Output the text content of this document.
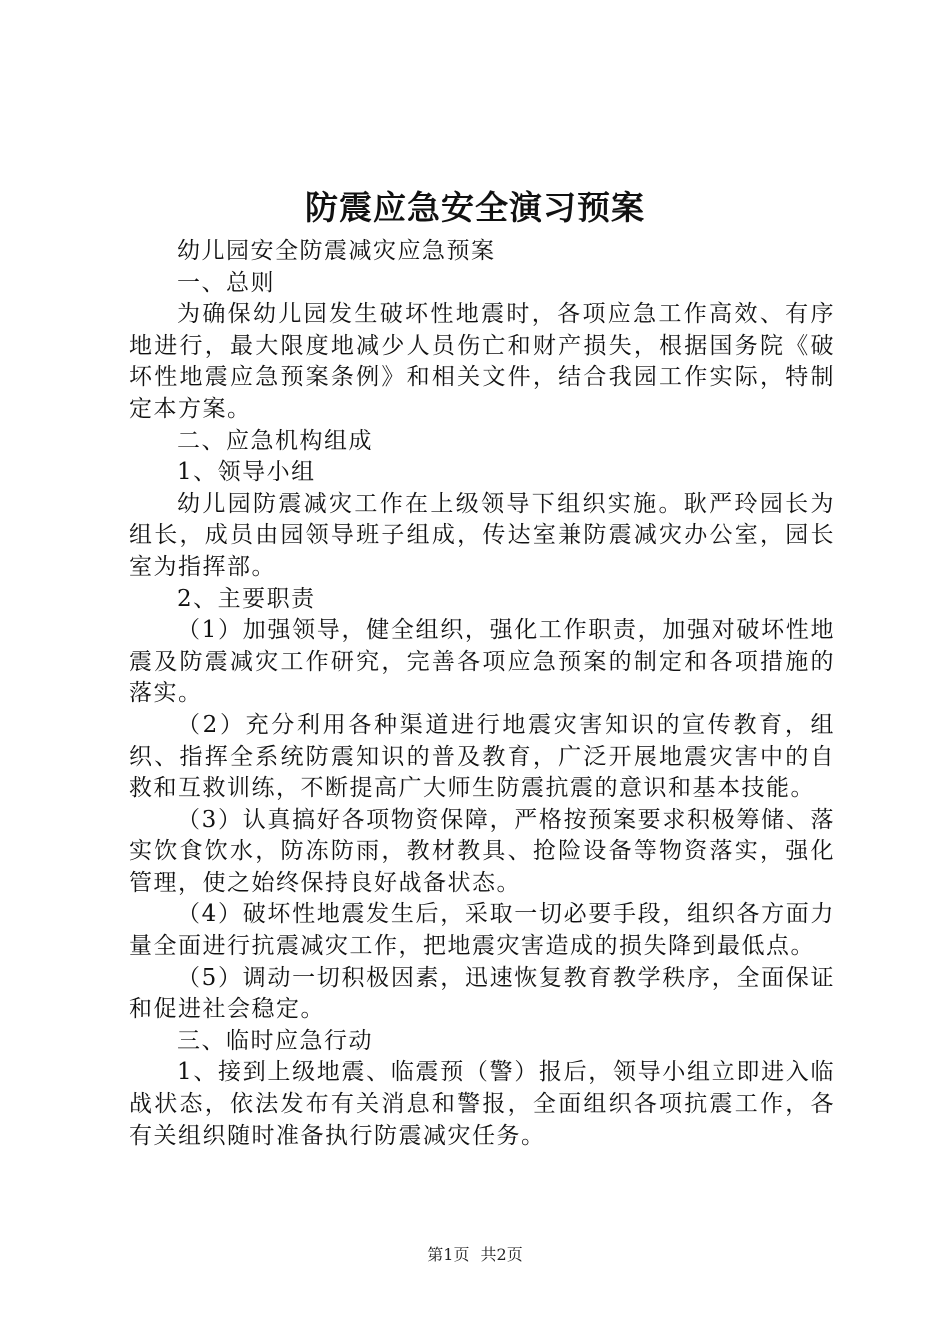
防震应急安全演习预案

幼儿园安全防震减灾应急预案

一、总则

为确保幼儿园发生破坏性地震时，各项应急工作高效、有序地进行，最大限度地减少人员伤亡和财产损失，根据国务院《破坏性地震应急预案条例》和相关文件，结合我园工作实际，特制定本方案。

二、应急机构组成

1、领导小组

幼儿园防震减灾工作在上级领导下组织实施。耿严玲园长为组长，成员由园领导班子组成，传达室兼防震减灾办公室，园长室为指挥部。

2、主要职责

（1）加强领导，健全组织，强化工作职责，加强对破坏性地震及防震减灾工作研究，完善各项应急预案的制定和各项措施的落实。

（2）充分利用各种渠道进行地震灾害知识的宣传教育，组织、指挥全系统防震知识的普及教育，广泛开展地震灾害中的自救和互救训练，不断提高广大师生防震抗震的意识和基本技能。

（3）认真搞好各项物资保障，严格按预案要求积极筹储、落实饮食饮水，防冻防雨，教材教具、抢险设备等物资落实，强化管理，使之始终保持良好战备状态。

（4）破坏性地震发生后，采取一切必要手段，组织各方面力量全面进行抗震减灾工作，把地震灾害造成的损失降到最低点。

（5）调动一切积极因素，迅速恢复教育教学秩序，全面保证和促进社会稳定。

三、临时应急行动

1、接到上级地震、临震预（警）报后，领导小组立即进入临战状态，依法发布有关消息和警报，全面组织各项抗震工作，各有关组织随时准备执行防震减灾任务。

第1页 共2页
